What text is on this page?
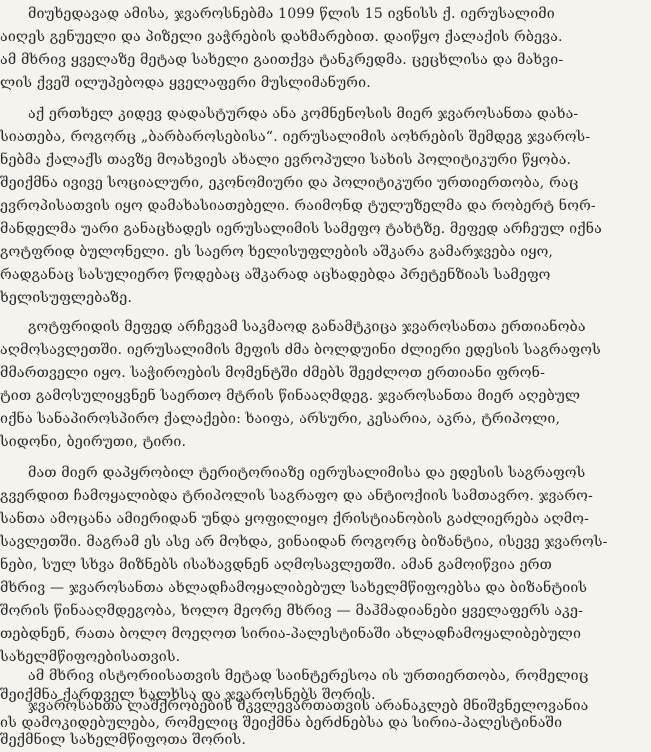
მიუხედავად ამისა, ჯვაროსნებმა 1099 წლის 15 ივნისს ქ. იერუსალიმი
აიღეს გენუელი და პიზელი ვაჭრების დახმარებით. დაიწყო ქალაქის რბევა.
ამ მხრივ ყველაზე მეტად სახელი გაითქვა ტანკრედმა. ცეცხლისა და მახვი-
ლის ქვეშ ილუპებოდა ყველაფერი მუსლიმანური.
აქ ერთხელ კიდევ დადასტურდა ანა კომნენოსის მიერ ჯვაროსანთა დახა-
სიათება, როგორც „ბარბაროსებისა“. იერუსალიმის აოხრების შემდეგ ჯვაროს-
ნებმა ქალაქს თავზე მოახვიეს ახალი ევროპული სახის პოლიტიკური წყობა.
შეიქმნა ივივე სოციალური, ეკონომიური და პოლიტიკური ურთიერთობა, რაც
ევროპისათვის იყო დამახასიათებელი. რაიმონდ ტულუზელმა და რობერტ ნორ-
მანდელმა უარი განაცხადეს იერუსალიმის სამეფო ტახტზე. მეფედ არჩეულ იქნა
გოტფრიდ ბულონელი. ეს საერო ხელისუფლების აშკარა გამარჯვება იყო,
რადგანაც სასულიერო წოდებაც აშკარად აცხადებდა პრეტენზიას სამეფო
ხელისუფლებაზე.
გოტფრიდის მეფედ არჩევამ საკმაოდ განამტკიცა ჯვაროსანთა ერთიანობა
აღმოსავლეთში. იერუსალიმის მეფის ძმა ბოლდუინი ძლიერი ედესის საგრაფოს
მმართველი იყო. საჭიროების მომენტში ძმებს შეეძლოთ ერთიანი ფრონ-
ტით გამოსულიყვნენ საერთო მტრის წინააღმდეგ. ჯვაროსანთა მიერ აღებულ
იქნა სანაპიროსპირო ქალაქები: ხაიფა, არსური, კესარია, აკრა, ტრიპოლი,
სიდონი, ბეირუთი, ტირი.
მათ მიერ დაპყრობილ ტერიტორიაზე იერუსალიმისა და ედესის საგრაფოს
გვერდით ჩამოყალიბდა ტრიპოლის საგრაფო და ანტიოქიის სამთავრო. ჯვარო-
სანთა ამოცანა ამიერიდან უნდა ყოფილიყო ქრისტიანობის გაძლიერება აღმო-
სავლეთში. მაგრამ ეს ასე არ მოხდა, ვინაიდან როგორც ბიზანტია, ისევე ჯვაროს-
ნები, სულ სხვა მიზნებს ისახავდნენ აღმოსავლეთში. ამან გამოიწვია ერთ
მხრივ — ჯვაროსანთა ახლადჩამოყალიბებულ სახელმწიფოებსა და ბიზანტიის
შორის წინააღმდეგობა, ხოლო მეორე მხრივ — მაჰმადიანები ყველაფერს აკე-
თებდნენ, რათა ბოლო მოეღოთ სირია-პალესტინაში ახლადჩამოყალიბებული
სახელმწიფოებისათვის.
ამ მხრივ ისტორიისათვის მეტად საინტერესოა ის ურთიერთობა, რომელიც
შეიქმნა ქართველ ხალხსა და ჯვაროსნებს შორის.
ჯვაროსანთა ლაშქრობების მკვლევართათვის არანაკლებ მნიშვნელოვანია
ის დამოკიდებულება, რომელიც შეიქმნა ბერძნებსა და სირია-პალესტინაში
შექმნილ სახელმწიფოთა შორის.
